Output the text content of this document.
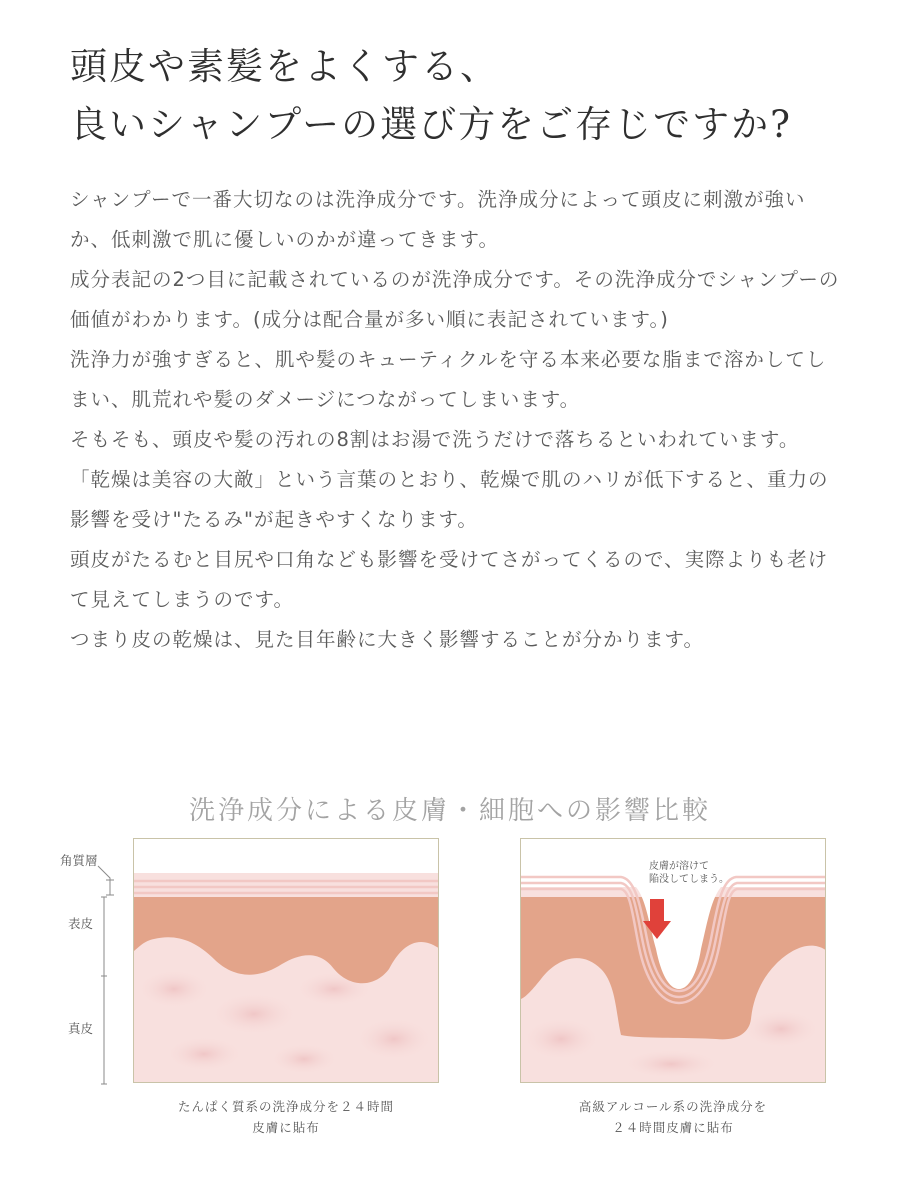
頭皮や素髪をよくする、
良いシャンプーの選び方をご存じですか?

シャンプーで一番大切なのは洗浄成分です。洗浄成分によって頭皮に刺激が強いか、低刺激で肌に優しいのかが違ってきます。

成分表記の2つ目に記載されているのが洗浄成分です。その洗浄成分でシャンプーの価値がわかります。(成分は配合量が多い順に表記されています。)

洗浄力が強すぎると、肌や髪のキューティクルを守る本来必要な脂まで溶かしてしまい、肌荒れや髪のダメージにつながってしまいます。

そもそも、頭皮や髪の汚れの8割はお湯で洗うだけで落ちるといわれています。

「乾燥は美容の大敵」という言葉のとおり、乾燥で肌のハリが低下すると、重力の影響を受け"たるみ"が起きやすくなります。

頭皮がたるむと目尻や口角なども影響を受けてさがってくるので、実際よりも老けて見えてしまうのです。

つまり皮の乾燥は、見た目年齢に大きく影響することが分かります。

洗浄成分による皮膚・細胞への影響比較
角質層
表皮
真皮
皮膚が溶けて
陥没してしまう。
たんぱく質系の洗浄成分を２４時間
皮膚に貼布
高級アルコール系の洗浄成分を
２４時間皮膚に貼布
